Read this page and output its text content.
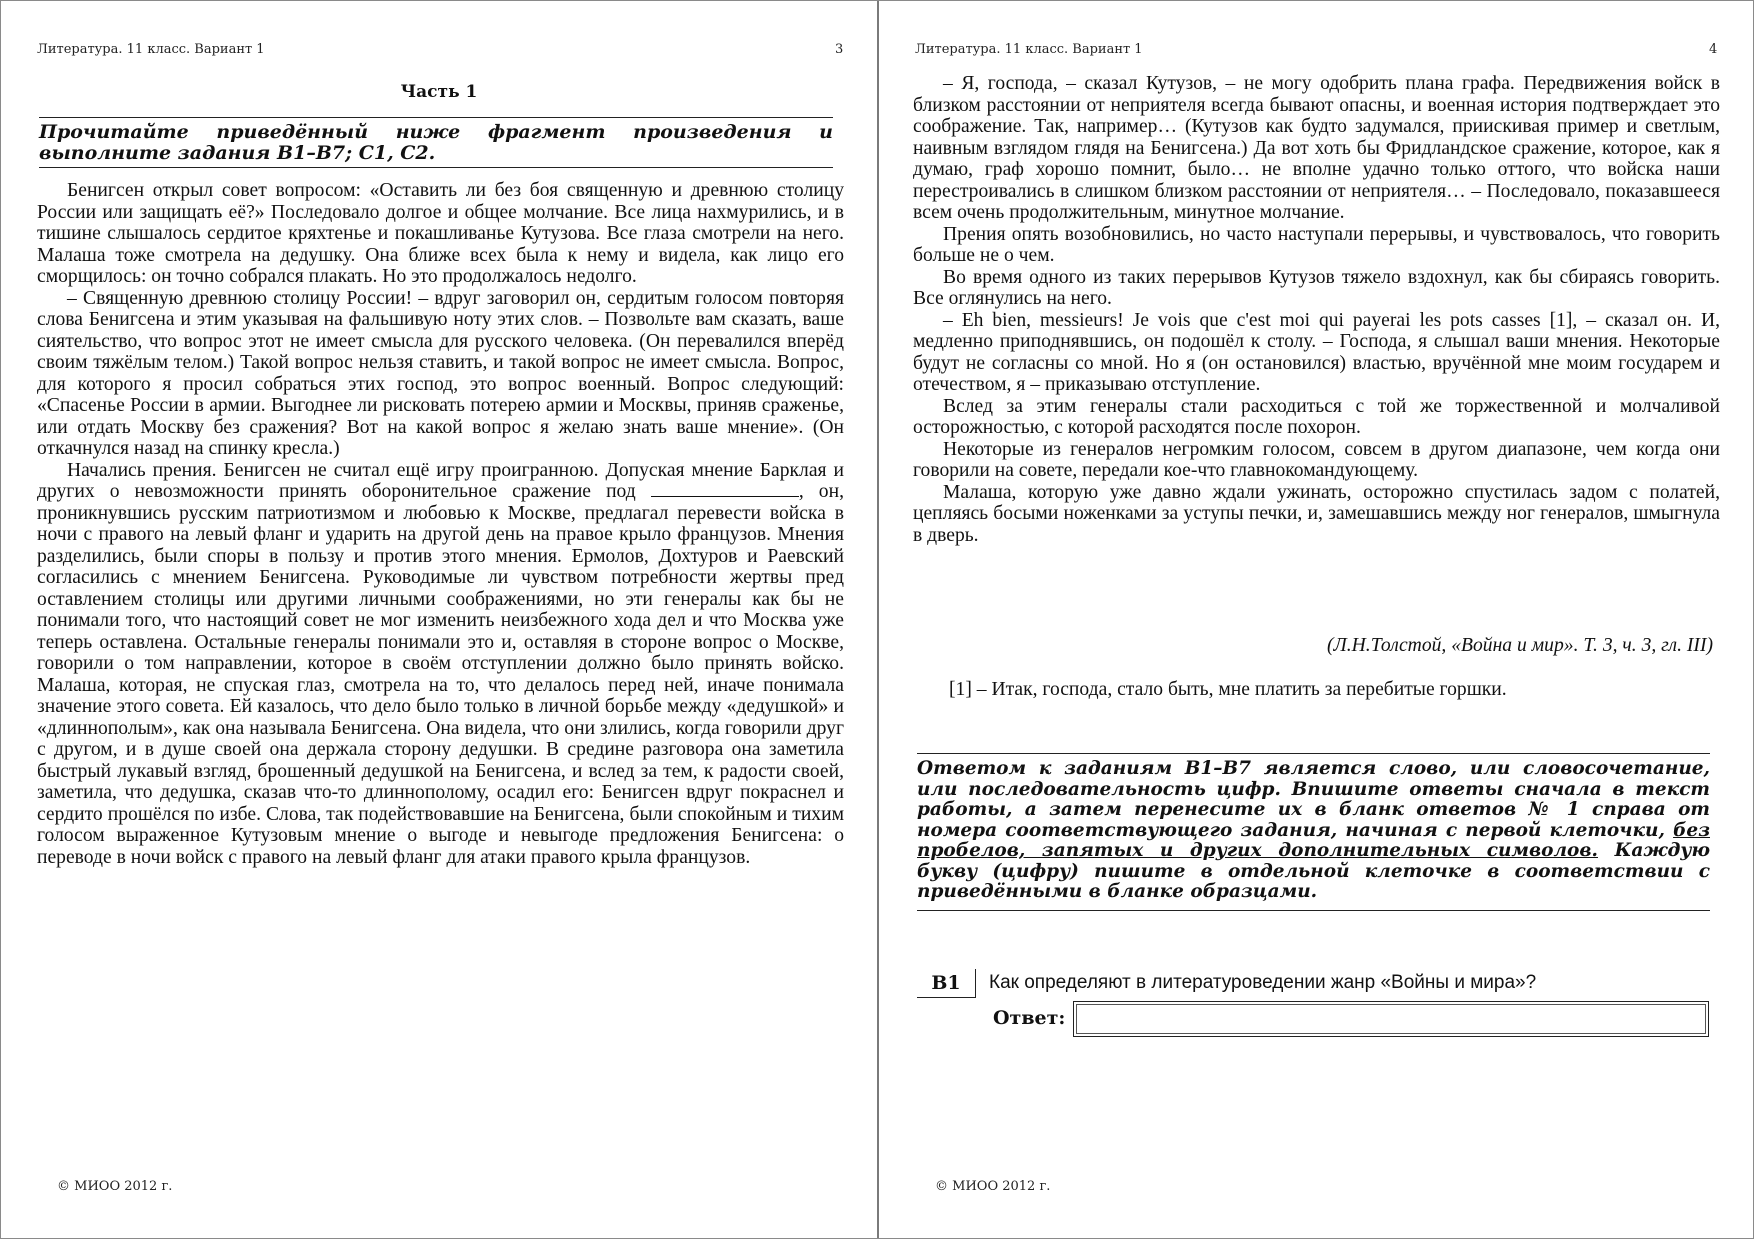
Литература. 11 класс. Вариант 1	3
Часть 1

Прочитайте приведённый ниже фрагмент произведения и выполните задания В1–В7; С1, С2.

Бенигсен открыл совет вопросом: «Оставить ли без боя священную и древнюю столицу России или защищать её?» Последовало долгое и общее молчание. Все лица нахмурились, и в тишине слышалось сердитое кряхтенье и покашливанье Кутузова. Все глаза смотрели на него. Малаша тоже смотрела на дедушку. Она ближе всех была к нему и видела, как лицо его сморщилось: он точно собрался плакать. Но это продолжалось недолго.

– Священную древнюю столицу России! – вдруг заговорил он, сердитым голосом повторяя слова Бенигсена и этим указывая на фальшивую ноту этих слов. – Позвольте вам сказать, ваше сиятельство, что вопрос этот не имеет смысла для русского человека. (Он перевалился вперёд своим тяжёлым телом.) Такой вопрос нельзя ставить, и такой вопрос не имеет смысла. Вопрос, для которого я просил собраться этих господ, это вопрос военный. Вопрос следующий: «Спасенье России в армии. Выгоднее ли рисковать потерею армии и Москвы, приняв сраженье, или отдать Москву без сражения? Вот на какой вопрос я желаю знать ваше мнение». (Он откачнулся назад на спинку кресла.)

Начались прения. Бенигсен не считал ещё игру проигранною. Допуская мнение Барклая и других о невозможности принять оборонительное сражение под	, он, проникнувшись русским патриотизмом и любовью к Москве, предлагал перевести войска в ночи с правого на левый фланг и ударить на другой день на правое крыло французов. Мнения разделились, были споры в пользу и против этого мнения. Ермолов, Дохтуров и Раевский согласились с мнением Бенигсена. Руководимые ли чувством потребности жертвы пред оставлением столицы или другими личными соображениями, но эти генералы как бы не понимали того, что настоящий совет не мог изменить неизбежного хода дел и что Москва уже теперь оставлена. Остальные генералы понимали это и, оставляя в стороне вопрос о Москве, говорили о том направлении, которое в своём отступлении должно было принять войско. Малаша, которая, не спуская глаз, смотрела на то, что делалось перед ней, иначе понимала значение этого совета. Ей казалось, что дело было только в личной борьбе между «дедушкой» и «длиннополым», как она называла Бенигсена. Она видела, что они злились, когда говорили друг с другом, и в душе своей она держала сторону дедушки. В средине разговора она заметила быстрый лукавый взгляд, брошенный дедушкой на Бенигсена, и вслед за тем, к радости своей, заметила, что дедушка, сказав что-то длиннополому, осадил его: Бенигсен вдруг покраснел и сердито прошёлся по избе. Слова, так подействовавшие на Бенигсена, были спокойным и тихим голосом выраженное Кутузовым мнение о выгоде и невыгоде предложения Бенигсена: о переводе в ночи войск с правого на левый фланг для атаки правого крыла французов.

© МИОО 2012 г.
Литература. 11 класс. Вариант 1	4

– Я, господа, – сказал Кутузов, – не могу одобрить плана графа. Передвижения войск в близком расстоянии от неприятеля всегда бывают опасны, и военная история подтверждает это соображение. Так, например… (Кутузов как будто задумался, приискивая пример и светлым, наивным взглядом глядя на Бенигсена.) Да вот хоть бы Фридландское сражение, которое, как я думаю, граф хорошо помнит, было… не вполне удачно только оттого, что войска наши перестроивались в слишком близком расстоянии от неприятеля… – Последовало, показавшееся всем очень продолжительным, минутное молчание.

Прения опять возобновились, но часто наступали перерывы, и чувствовалось, что говорить больше не о чем.

Во время одного из таких перерывов Кутузов тяжело вздохнул, как бы сбираясь говорить. Все оглянулись на него.

– Eh bien, messieurs! Je vois que c'est moi qui payerai les pots casses [1], – сказал он. И, медленно приподнявшись, он подошёл к столу. – Господа, я слышал ваши мнения. Некоторые будут не согласны со мной. Но я (он остановился) властью, вручённой мне моим государем и отечеством, я – приказываю отступление.

Вслед за этим генералы стали расходиться с той же торжественной и молчаливой осторожностью, с которой расходятся после похорон.

Некоторые из генералов негромким голосом, совсем в другом диапазоне, чем когда они говорили на совете, передали кое-что главнокомандующему.

Малаша, которую уже давно ждали ужинать, осторожно спустилась задом с полатей, цепляясь босыми ноженками за уступы печки, и, замешавшись между ног генералов, шмыгнула в дверь.

(Л.Н.Толстой, «Война и мир». Т. 3, ч. 3, гл. III)
[1] – Итак, господа, стало быть, мне платить за перебитые горшки.

Ответом к заданиям В1–В7 является слово, или словосочетание, или последовательность цифр. Впишите ответы сначала в текст работы, а затем перенесите их в бланк ответов № 1 справа от номера соответствующего задания, начиная с первой клеточки, без пробелов, запятых и других дополнительных символов. Каждую букву (цифру) пишите в отдельной клеточке в соответствии с приведёнными в бланке образцами.

В1	Как определяют в литературоведении жанр «Войны и мира»?
© МИОО 2012 г.
Ответ:
